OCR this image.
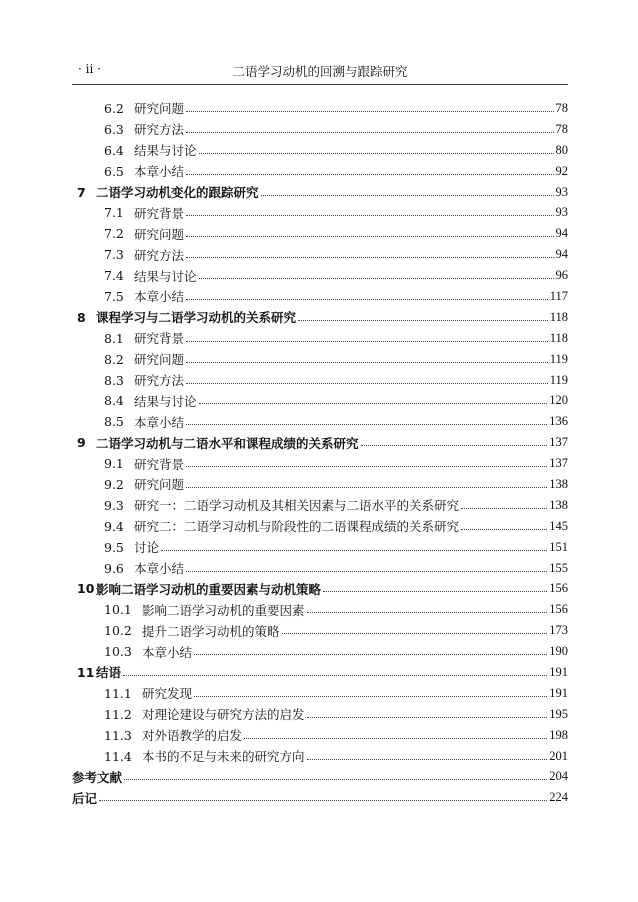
· ii ·	二语学习动机的回溯与跟踪研究
6.2 研究问题	78
6.3 研究方法	78
6.4 结果与讨论	80
6.5 本章小结	92
7 二语学习动机变化的跟踪研究	93
7.1 研究背景	93
7.2 研究问题	94
7.3 研究方法	94
7.4 结果与讨论	96
7.5 本章小结	117
8 课程学习与二语学习动机的关系研究	118
8.1 研究背景	118
8.2 研究问题	119
8.3 研究方法	119
8.4 结果与讨论	120
8.5 本章小结	136
9 二语学习动机与二语水平和课程成绩的关系研究	137
9.1 研究背景	137
9.2 研究问题	138
9.3 研究一：二语学习动机及其相关因素与二语水平的关系研究	138
9.4 研究二：二语学习动机与阶段性的二语课程成绩的关系研究	145
9.5 讨论	151
9.6 本章小结	155
10 影响二语学习动机的重要因素与动机策略	156
10.1 影响二语学习动机的重要因素	156
10.2 提升二语学习动机的策略	173
10.3 本章小结	190
11 结语	191
11.1 研究发现	191
11.2 对理论建设与研究方法的启发	195
11.3 对外语教学的启发	198
11.4 本书的不足与未来的研究方向	201
参考文献	204
后记	224
